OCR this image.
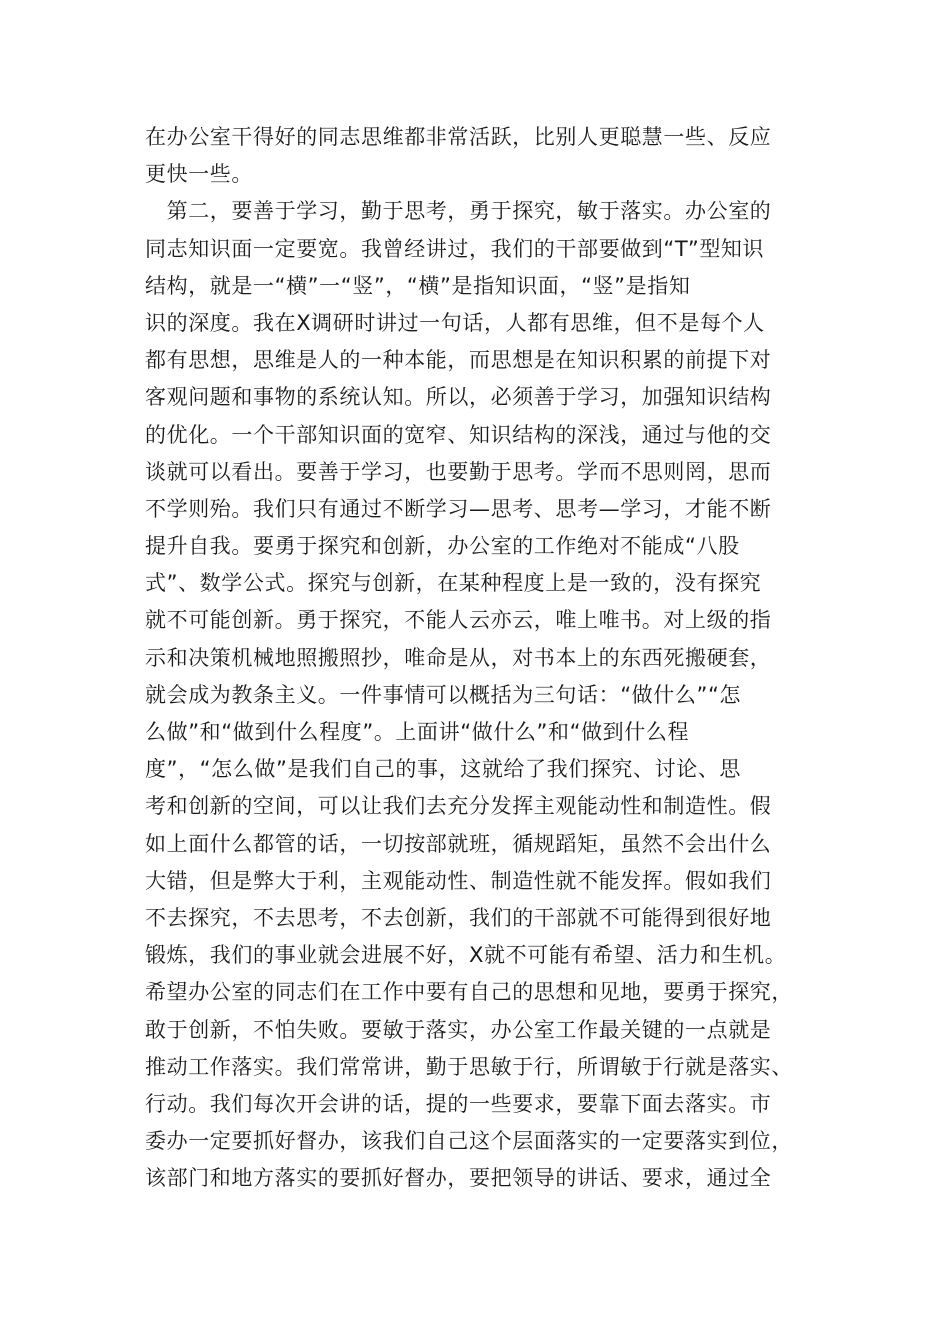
在办公室干得好的同志思维都非常活跃，比别人更聪慧一些、反应
更快一些。
　第二，要善于学习，勤于思考，勇于探究，敏于落实。办公室的
同志知识面一定要宽。我曾经讲过，我们的干部要做到“T”型知识
结构，就是一“横”一“竖”，“横”是指知识面，“竖”是指知
识的深度。我在X调研时讲过一句话，人都有思维，但不是每个人
都有思想，思维是人的一种本能，而思想是在知识积累的前提下对
客观问题和事物的系统认知。所以，必须善于学习，加强知识结构
的优化。一个干部知识面的宽窄、知识结构的深浅，通过与他的交
谈就可以看出。要善于学习，也要勤于思考。学而不思则罔，思而
不学则殆。我们只有通过不断学习—思考、思考—学习，才能不断
提升自我。要勇于探究和创新，办公室的工作绝对不能成“八股
式”、数学公式。探究与创新，在某种程度上是一致的，没有探究
就不可能创新。勇于探究，不能人云亦云，唯上唯书。对上级的指
示和决策机械地照搬照抄，唯命是从，对书本上的东西死搬硬套，
就会成为教条主义。一件事情可以概括为三句话：“做什么”“怎
么做”和“做到什么程度”。上面讲“做什么”和“做到什么程
度”，“怎么做”是我们自己的事，这就给了我们探究、讨论、思
考和创新的空间，可以让我们去充分发挥主观能动性和制造性。假
如上面什么都管的话，一切按部就班，循规蹈矩，虽然不会出什么
大错，但是弊大于利，主观能动性、制造性就不能发挥。假如我们
不去探究，不去思考，不去创新，我们的干部就不可能得到很好地
锻炼，我们的事业就会进展不好，X就不可能有希望、活力和生机。
希望办公室的同志们在工作中要有自己的思想和见地，要勇于探究，
敢于创新，不怕失败。要敏于落实，办公室工作最关键的一点就是
推动工作落实。我们常常讲，勤于思敏于行，所谓敏于行就是落实、
行动。我们每次开会讲的话，提的一些要求，要靠下面去落实。市
委办一定要抓好督办，该我们自己这个层面落实的一定要落实到位，
该部门和地方落实的要抓好督办，要把领导的讲话、要求，通过全
